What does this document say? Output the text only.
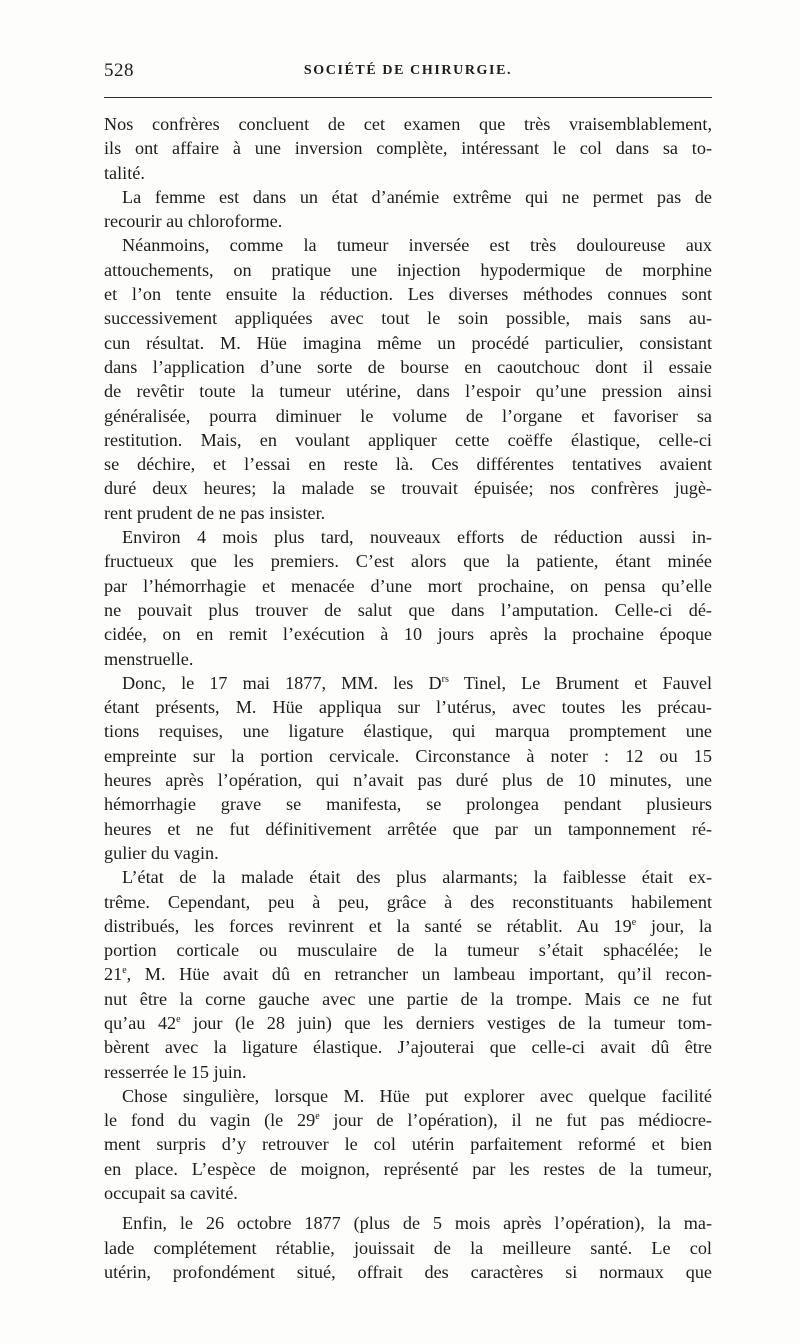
528	SOCIÉTÉ DE CHIRURGIE.

Nos confrères concluent de cet examen que très vraisemblablement,
ils ont affaire à une inversion complète, intéressant le col dans sa to-
talité.

La femme est dans un état d’anémie extrême qui ne permet pas de
recourir au chloroforme.

Néanmoins, comme la tumeur inversée est très douloureuse aux
attouchements, on pratique une injection hypodermique de morphine
et l’on tente ensuite la réduction. Les diverses méthodes connues sont
successivement appliquées avec tout le soin possible, mais sans au-
cun résultat. M. Hüe imagina même un procédé particulier, consistant
dans l’application d’une sorte de bourse en caoutchouc dont il essaie
de revêtir toute la tumeur utérine, dans l’espoir qu’une pression ainsi
généralisée, pourra diminuer le volume de l’organe et favoriser sa
restitution. Mais, en voulant appliquer cette coëffe élastique, celle-ci
se déchire, et l’essai en reste là. Ces différentes tentatives avaient
duré deux heures; la malade se trouvait épuisée; nos confrères jugè-
rent prudent de ne pas insister.

Environ 4 mois plus tard, nouveaux efforts de réduction aussi in-
fructueux que les premiers. C’est alors que la patiente, étant minée
par l’hémorrhagie et menacée d’une mort prochaine, on pensa qu’elle
ne pouvait plus trouver de salut que dans l’amputation. Celle-ci dé-
cidée, on en remit l’exécution à 10 jours après la prochaine époque
menstruelle.

Donc, le 17 mai 1877, MM. les $D^{rs}$ Tinel, Le Brument et Fauvel
étant présents, M. Hüe appliqua sur l’utérus, avec toutes les précau-
tions requises, une ligature élastique, qui marqua promptement une
empreinte sur la portion cervicale. Circonstance à noter : 12 ou 15
heures après l’opération, qui n’avait pas duré plus de 10 minutes, une
hémorrhagie grave se manifesta, se prolongea pendant plusieurs
heures et ne fut définitivement arrêtée que par un tamponnement ré-
gulier du vagin.

L’état de la malade était des plus alarmants; la faiblesse était ex-
trême. Cependant, peu à peu, grâce à des reconstituants habilement
distribués, les forces revinrent et la santé se rétablit. Au 19e jour, la
portion corticale ou musculaire de la tumeur s’était sphacélée; le
21e, M. Hüe avait dû en retrancher un lambeau important, qu’il recon-
nut être la corne gauche avec une partie de la trompe. Mais ce ne fut
qu’au 42e jour (le 28 juin) que les derniers vestiges de la tumeur tom-
bèrent avec la ligature élastique. J’ajouterai que celle-ci avait dû être
resserrée le 15 juin.

Chose singulière, lorsque M. Hüe put explorer avec quelque facilité
le fond du vagin (le 29e jour de l’opération), il ne fut pas médiocre-
ment surpris d’y retrouver le col utérin parfaitement reformé et bien
en place. L’espèce de moignon, représenté par les restes de la tumeur,
occupait sa cavité.

Enfin, le 26 octobre 1877 (plus de 5 mois après l’opération), la ma-
lade complétement rétablie, jouissait de la meilleure santé. Le col
utérin, profondément situé, offrait des caractères si normaux que
